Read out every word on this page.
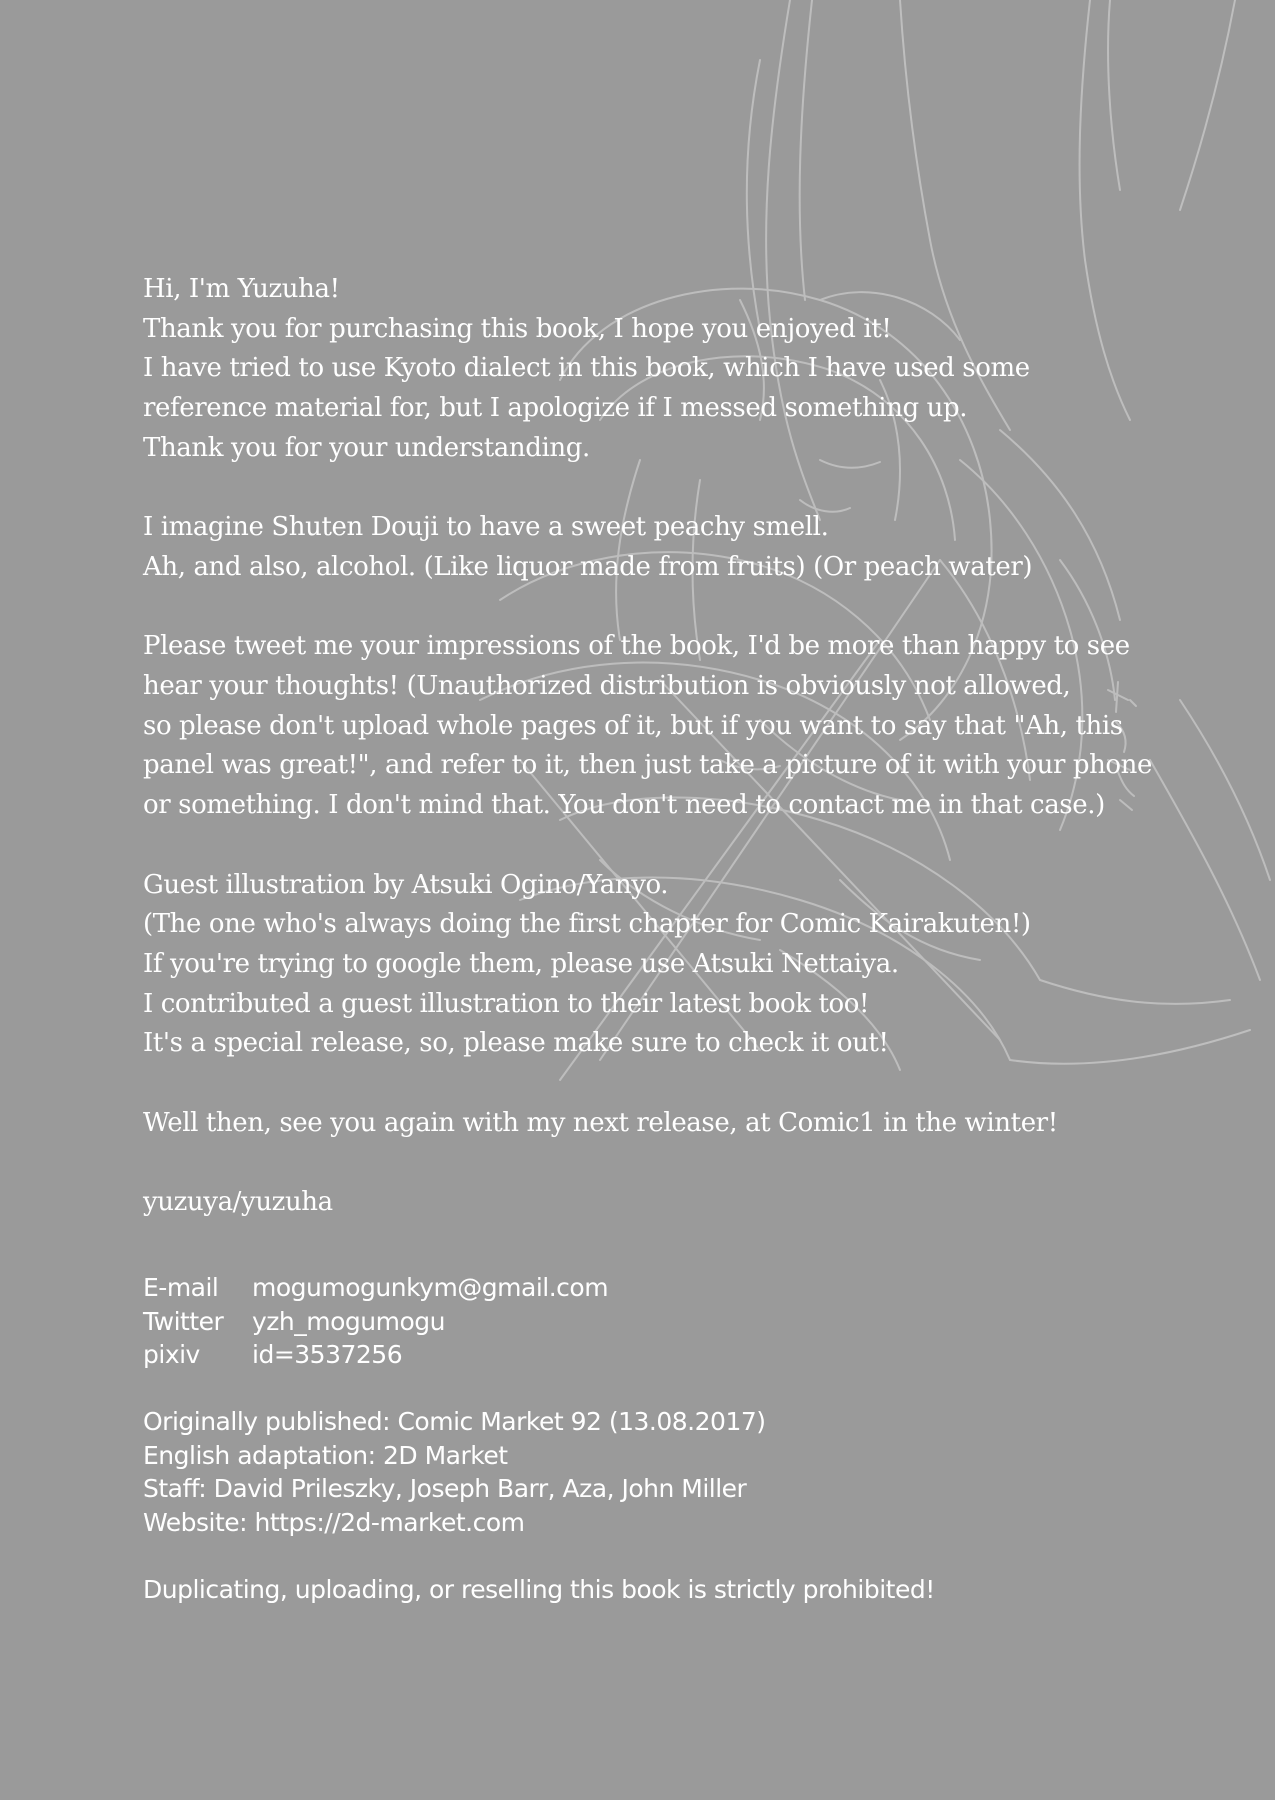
Hi, I'm Yuzuha!
Thank you for purchasing this book, I hope you enjoyed it!
I have tried to use Kyoto dialect in this book, which I have used some
reference material for, but I apologize if I messed something up.
Thank you for your understanding.

I imagine Shuten Douji to have a sweet peachy smell.
Ah, and also, alcohol. (Like liquor made from fruits) (Or peach water)

Please tweet me your impressions of the book, I'd be more than happy to see
hear your thoughts! (Unauthorized distribution is obviously not allowed,
so please don't upload whole pages of it, but if you want to say that "Ah, this
panel was great!", and refer to it, then just take a picture of it with your phone
or something. I don't mind that. You don't need to contact me in that case.)

Guest illustration by Atsuki Ogino/Yanyo.
(The one who's always doing the first chapter for Comic Kairakuten!)
If you're trying to google them, please use Atsuki Nettaiya.
I contributed a guest illustration to their latest book too!
It's a special release, so, please make sure to check it out!

Well then, see you again with my next release, at Comic1 in the winter!

yuzuya/yuzuha

E-mail	mogumogunkym@gmail.com
Twitter	yzh_mogumogu
pixiv	id=3537256
Originally published: Comic Market 92 (13.08.2017)
English adaptation: 2D Market
Staff: David Prileszky, Joseph Barr, Aza, John Miller
Website: https://2d-market.com
Duplicating, uploading, or reselling this book is strictly prohibited!
